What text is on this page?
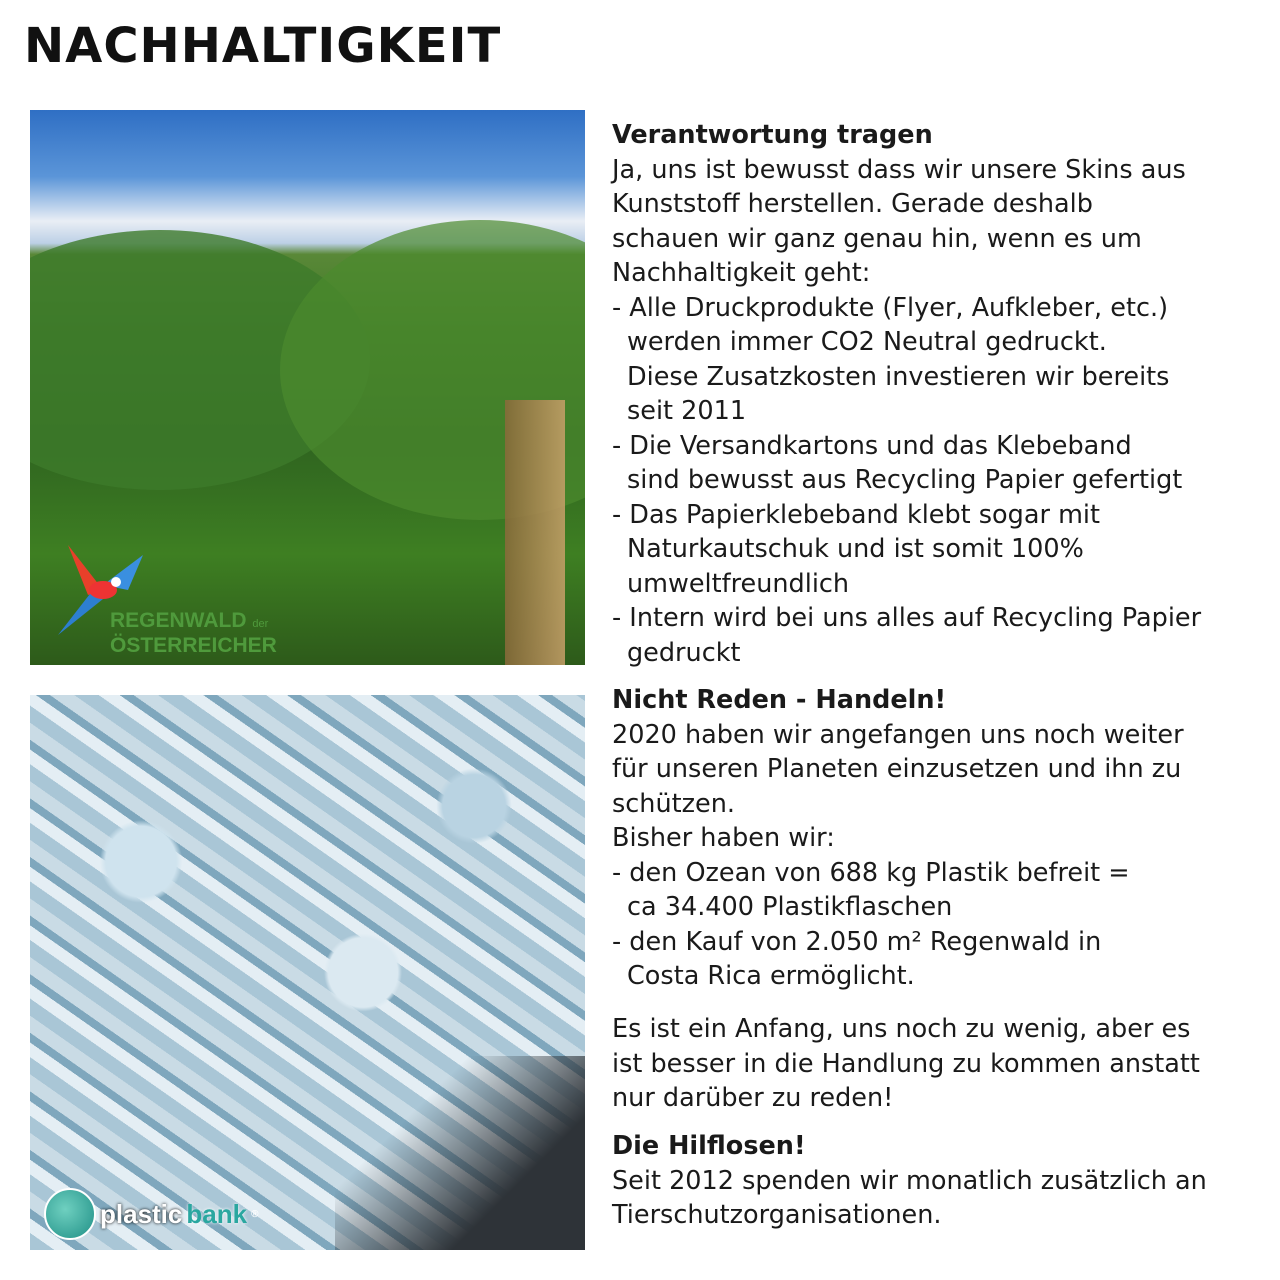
NACHHALTIGKEIT
REGENWALD der
ÖSTERREICHER
plastic bank ®
Verantwortung tragen
Ja, uns ist bewusst dass wir unsere Skins aus
Kunststoff herstellen. Gerade deshalb
schauen wir ganz genau hin, wenn es um
Nachhaltigkeit geht:
- Alle Druckprodukte (Flyer, Aufkleber, etc.)
werden immer CO2 Neutral gedruckt.
Diese Zusatzkosten investieren wir bereits
seit 2011
- Die Versandkartons und das Klebeband
sind bewusst aus Recycling Papier gefertigt
- Das Papierklebeband klebt sogar mit
Naturkautschuk und ist somit 100%
umweltfreundlich
- Intern wird bei uns alles auf Recycling Papier
gedruckt
Nicht Reden - Handeln!
2020 haben wir angefangen uns noch weiter
für unseren Planeten einzusetzen und ihn zu
schützen.
Bisher haben wir:
- den Ozean von 688 kg Plastik befreit =
ca 34.400 Plastikflaschen
- den Kauf von 2.050 m² Regenwald in
Costa Rica ermöglicht.
Es ist ein Anfang, uns noch zu wenig, aber es
ist besser in die Handlung zu kommen anstatt
nur darüber zu reden!
Die Hilflosen!
Seit 2012 spenden wir monatlich zusätzlich an
Tierschutzorganisationen.
